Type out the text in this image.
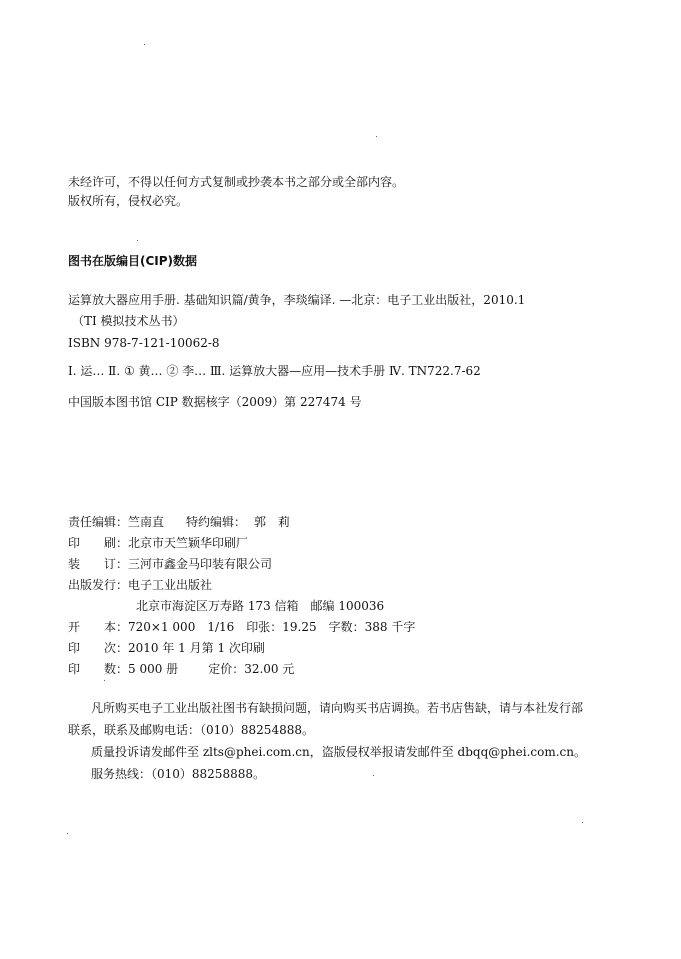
未经许可，不得以任何方式复制或抄袭本书之部分或全部内容。
版权所有，侵权必究。
图书在版编目(CIP)数据
运算放大器应用手册. 基础知识篇/黄争，李琰编译. —北京：电子工业出版社，2010.1
（TI 模拟技术丛书）
ISBN 978-7-121-10062-8
Ⅰ. 运… Ⅱ. ① 黄… ② 李… Ⅲ. 运算放大器—应用—技术手册 Ⅳ. TN722.7-62
中国版本图书馆 CIP 数据核字（2009）第 227474 号
责任编辑：竺南直 特约编辑： 郭　莉
印　　刷：北京市天竺颖华印刷厂
装　　订：三河市鑫金马印装有限公司
出版发行：电子工业出版社
北京市海淀区万寿路 173 信箱　邮编 100036
开　　本：720×1 000　1/16　印张：19.25　字数：388 千字
印　　次：2010 年 1 月第 1 次印刷
印　　数：5 000 册	定价：32.00 元
凡所购买电子工业出版社图书有缺损问题，请向购买书店调换。若书店售缺，请与本社发行部
联系，联系及邮购电话：（010）88254888。
质量投诉请发邮件至 zlts@phei.com.cn，盗版侵权举报请发邮件至 dbqq@phei.com.cn。
服务热线：（010）88258888。
